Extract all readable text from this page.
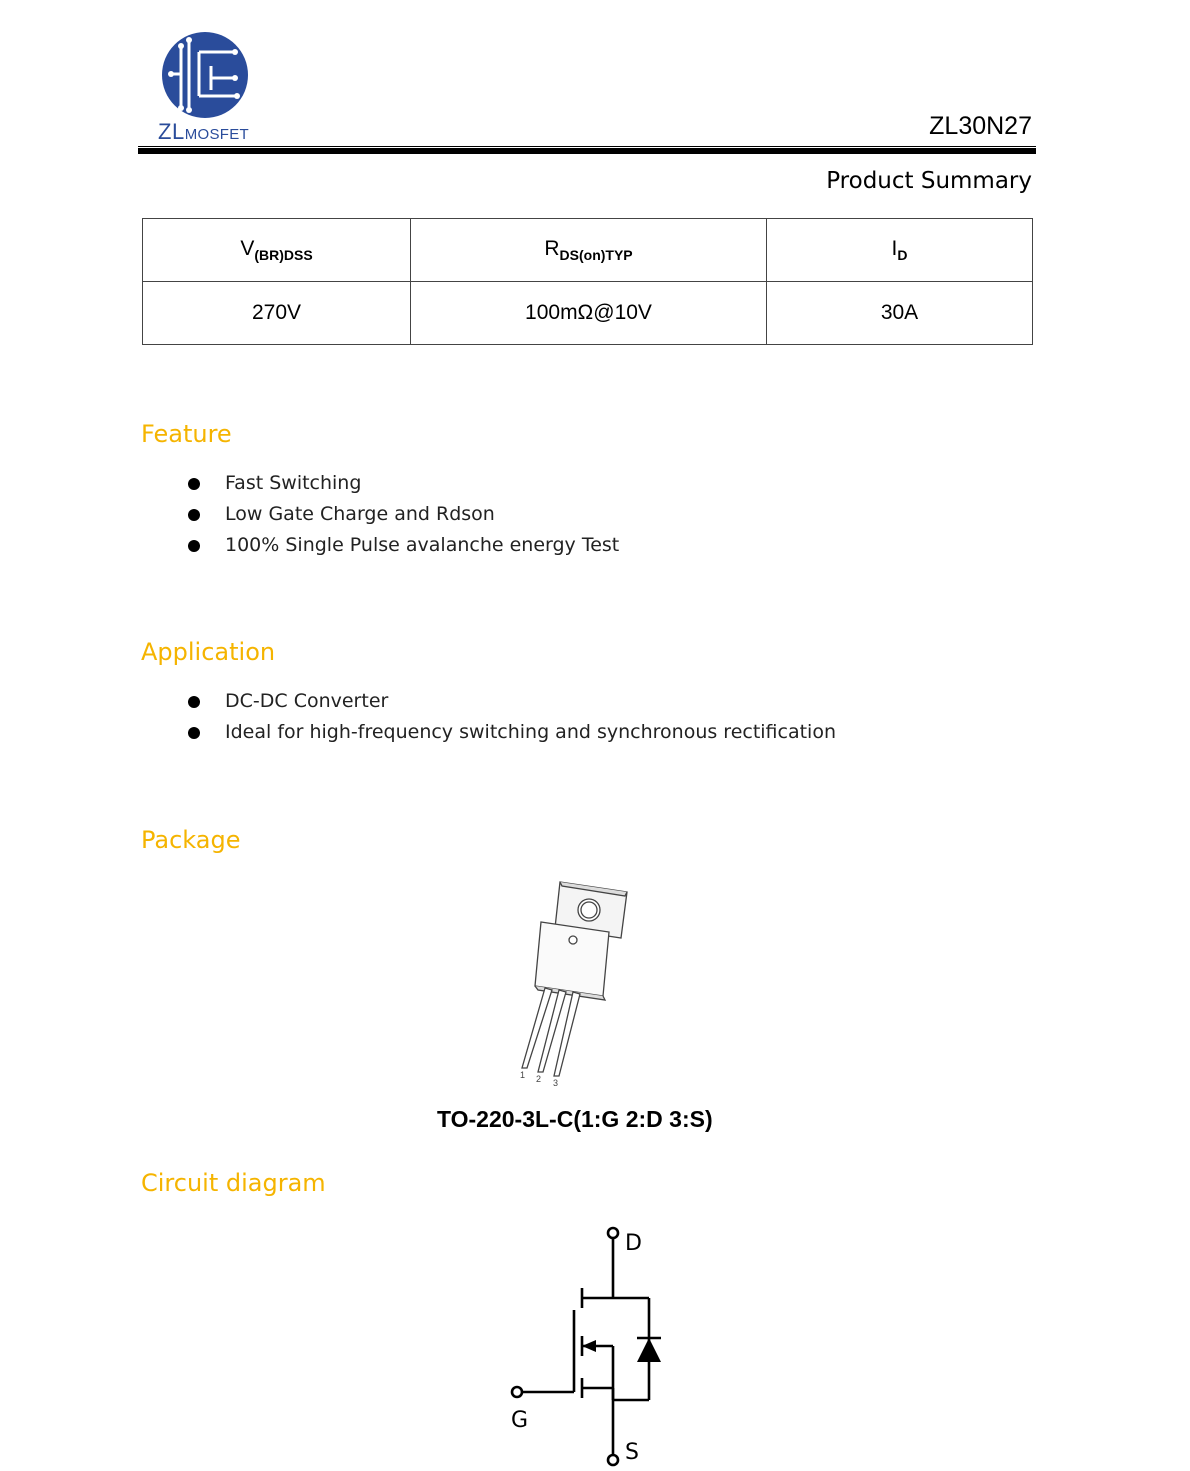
ZLMOSFET	ZL30N27
Product Summary
$V_{(BR)DSS}$	$R_{DS(on)TYP}$	$I_D$
270V	100mΩ@10V	30A
Feature
Fast Switching
Low Gate Charge and Rdson
100% Single Pulse avalanche energy Test
Application
DC-DC Converter
Ideal for high-frequency switching and synchronous rectification
Package
1 2 3
TO-220-3L-C(1:G 2:D 3:S)
Circuit diagram
D
G
S
